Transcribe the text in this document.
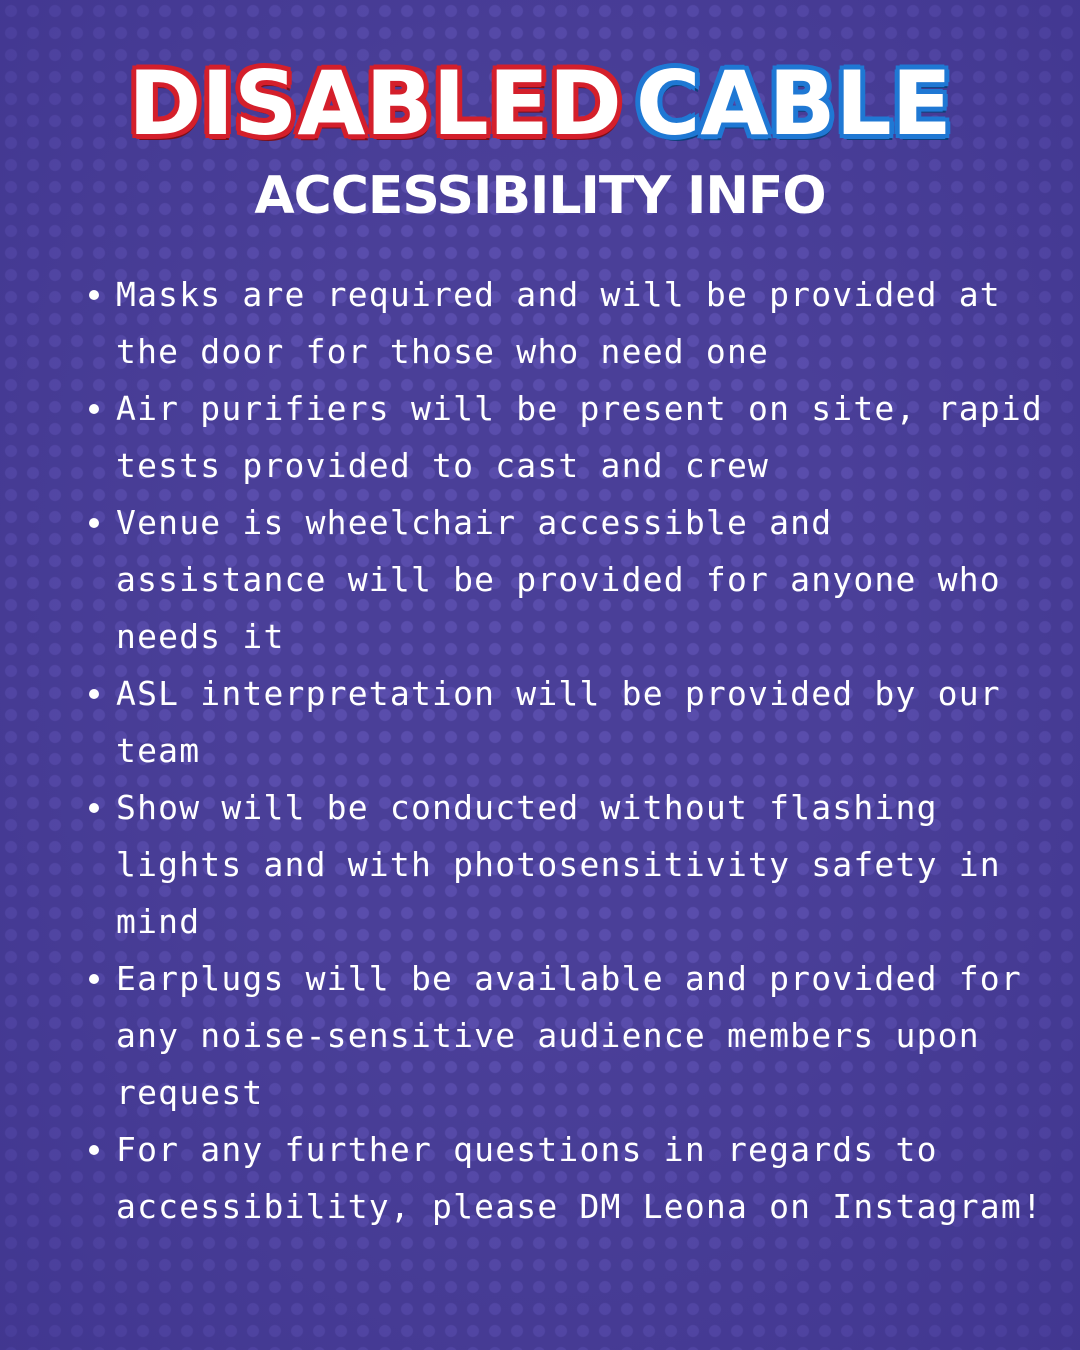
DISABLED CABLE
ACCESSIBILITY INFO
Masks are required and will be provided at the door for those who need one
Air purifiers will be present on site, rapid tests provided to cast and crew
Venue is wheelchair accessible and assistance will be provided for anyone who needs it
ASL interpretation will be provided by our team
Show will be conducted without flashing lights and with photosensitivity safety in mind
Earplugs will be available and provided for any noise-sensitive audience members upon request
For any further questions in regards to accessibility, please DM Leona on Instagram!
